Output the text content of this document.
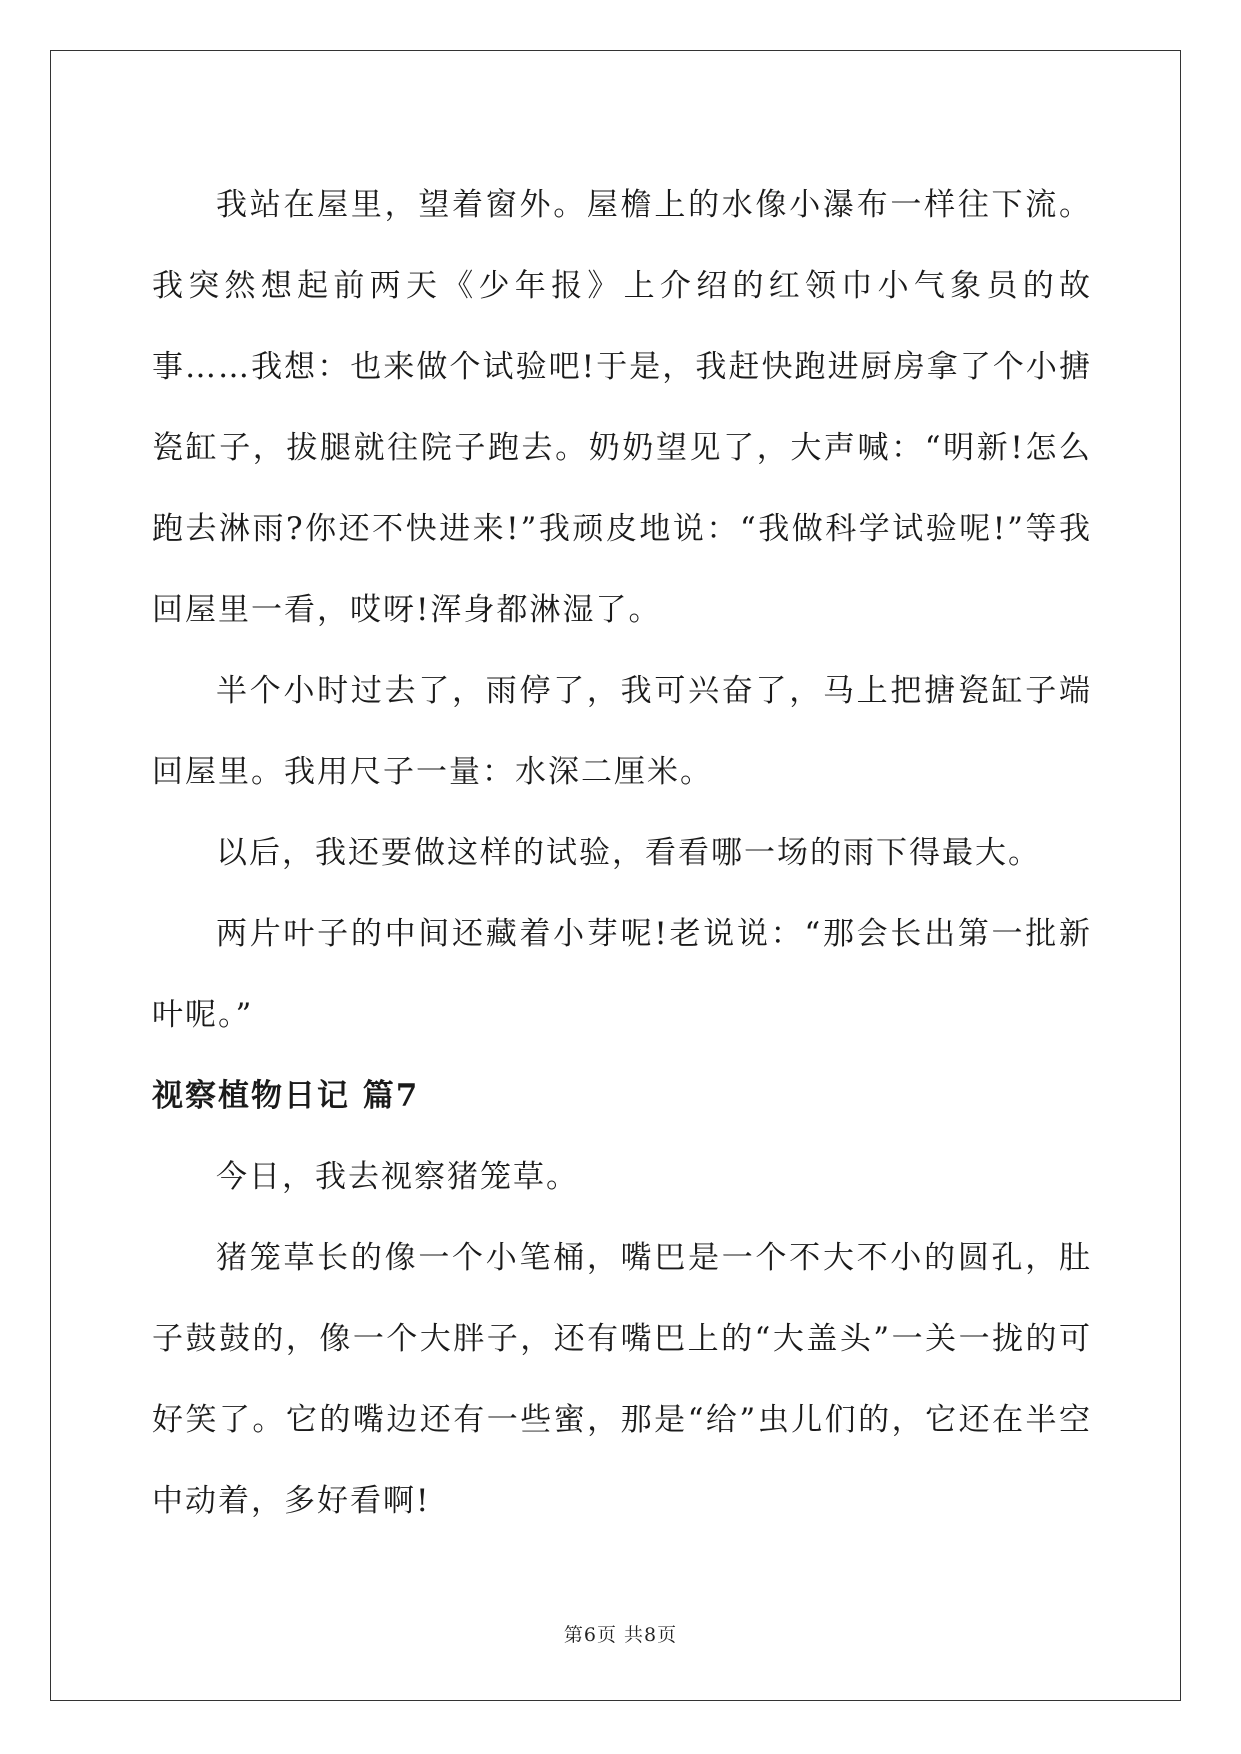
我站在屋里，望着窗外。屋檐上的水像小瀑布一样往下流。我突然想起前两天《少年报》上介绍的红领巾小气象员的故事……我想：也来做个试验吧!于是，我赶快跑进厨房拿了个小搪瓷缸子，拔腿就往院子跑去。奶奶望见了，大声喊：“明新!怎么跑去淋雨?你还不快进来!”我顽皮地说：“我做科学试验呢!”等我回屋里一看，哎呀!浑身都淋湿了。

半个小时过去了，雨停了，我可兴奋了，马上把搪瓷缸子端回屋里。我用尺子一量：水深二厘米。

以后，我还要做这样的试验，看看哪一场的雨下得最大。

两片叶子的中间还藏着小芽呢!老说说：“那会长出第一批新叶呢。”

视察植物日记 篇7

今日，我去视察猪笼草。

猪笼草长的像一个小笔桶，嘴巴是一个不大不小的圆孔，肚子鼓鼓的，像一个大胖子，还有嘴巴上的“大盖头”一关一拢的可好笑了。它的嘴边还有一些蜜，那是“给”虫儿们的，它还在半空中动着，多好看啊!

第6页 共8页
